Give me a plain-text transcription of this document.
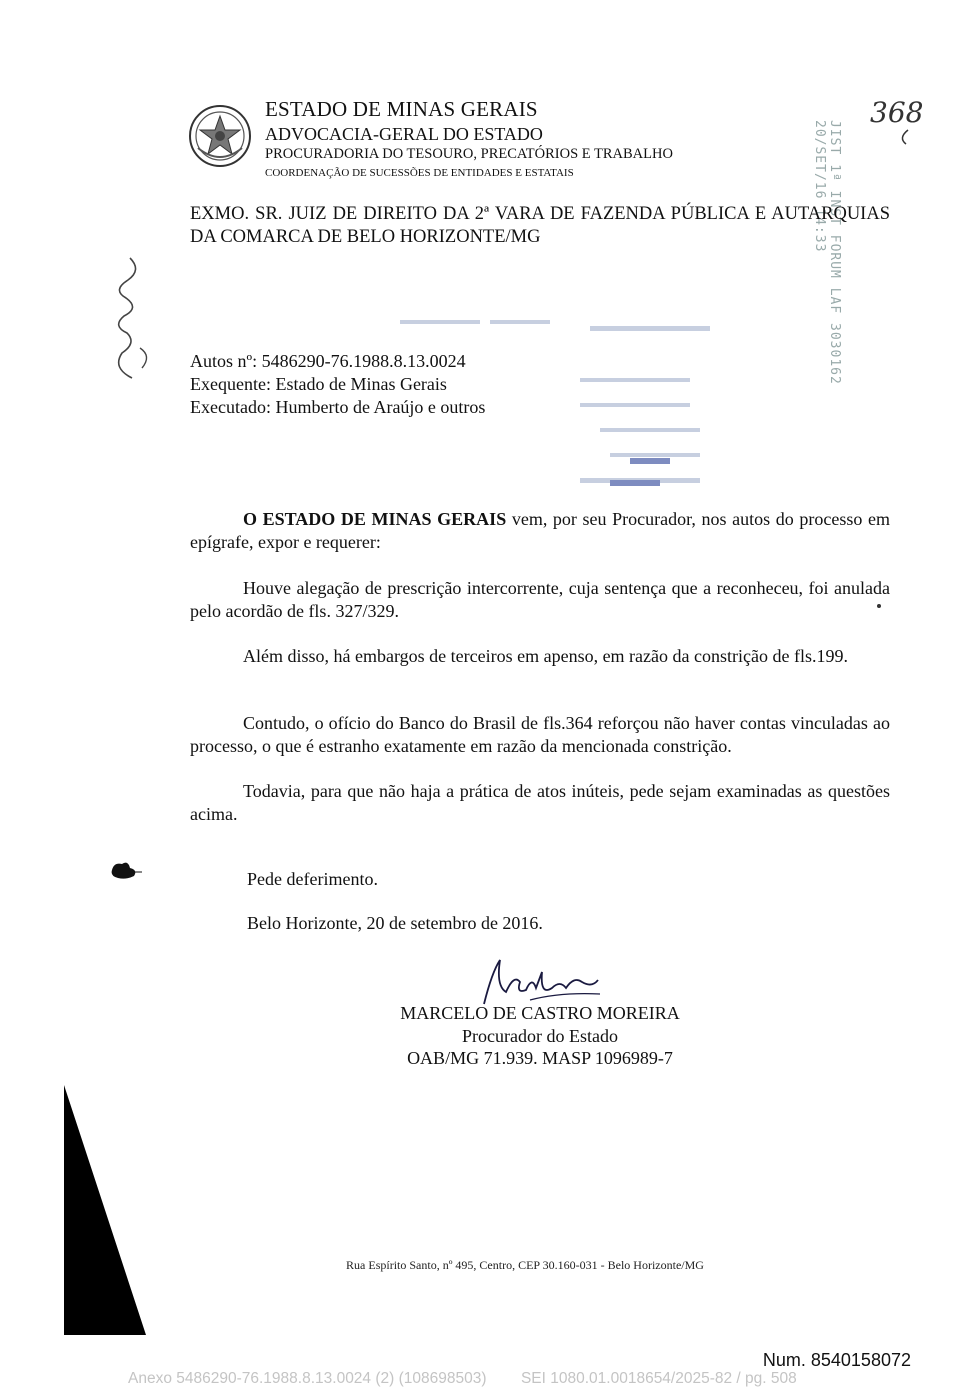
ESTADO DE MINAS GERAIS
ADVOCACIA-GERAL DO ESTADO
PROCURADORIA DO TESOURO, PRECATÓRIOS E TRABALHO
COORDENAÇÃO DE SUCESSÕES DE ENTIDADES E ESTATAIS	JIST 1ª INST FORUM LAF 3030162 20/SET/16 14:33
368
EXMO. SR. JUIZ DE DIREITO DA 2ª VARA DE FAZENDA PÚBLICA E AUTARQUIAS DA COMARCA DE BELO HORIZONTE/MG
Autos nº: 5486290-76.1988.8.13.0024
Exequente: Estado de Minas Gerais
Executado: Humberto de Araújo e outros
O ESTADO DE MINAS GERAIS vem, por seu Procurador, nos autos do processo em epígrafe, expor e requerer:
Houve alegação de prescrição intercorrente, cuja sentença que a reconheceu, foi anulada pelo acordão de fls. 327/329.
Além disso, há embargos de terceiros em apenso, em razão da constrição de fls.199.
Contudo, o ofício do Banco do Brasil de fls.364 reforçou não haver contas vinculadas ao processo, o que é estranho exatamente em razão da mencionada constrição.
Todavia, para que não haja a prática de atos inúteis, pede sejam examinadas as questões acima.
Pede deferimento.
Belo Horizonte, 20 de setembro de 2016.
MARCELO DE CASTRO MOREIRA
Procurador do Estado
OAB/MG 71.939. MASP 1096989-7
Rua Espírito Santo, nº 495, Centro, CEP 30.160-031 - Belo Horizonte/MG
Num. 8540158072
Anexo 5486290-76.1988.8.13.0024 (2) (108698503)        SEI 1080.01.0018654/2025-82 / pg. 508
